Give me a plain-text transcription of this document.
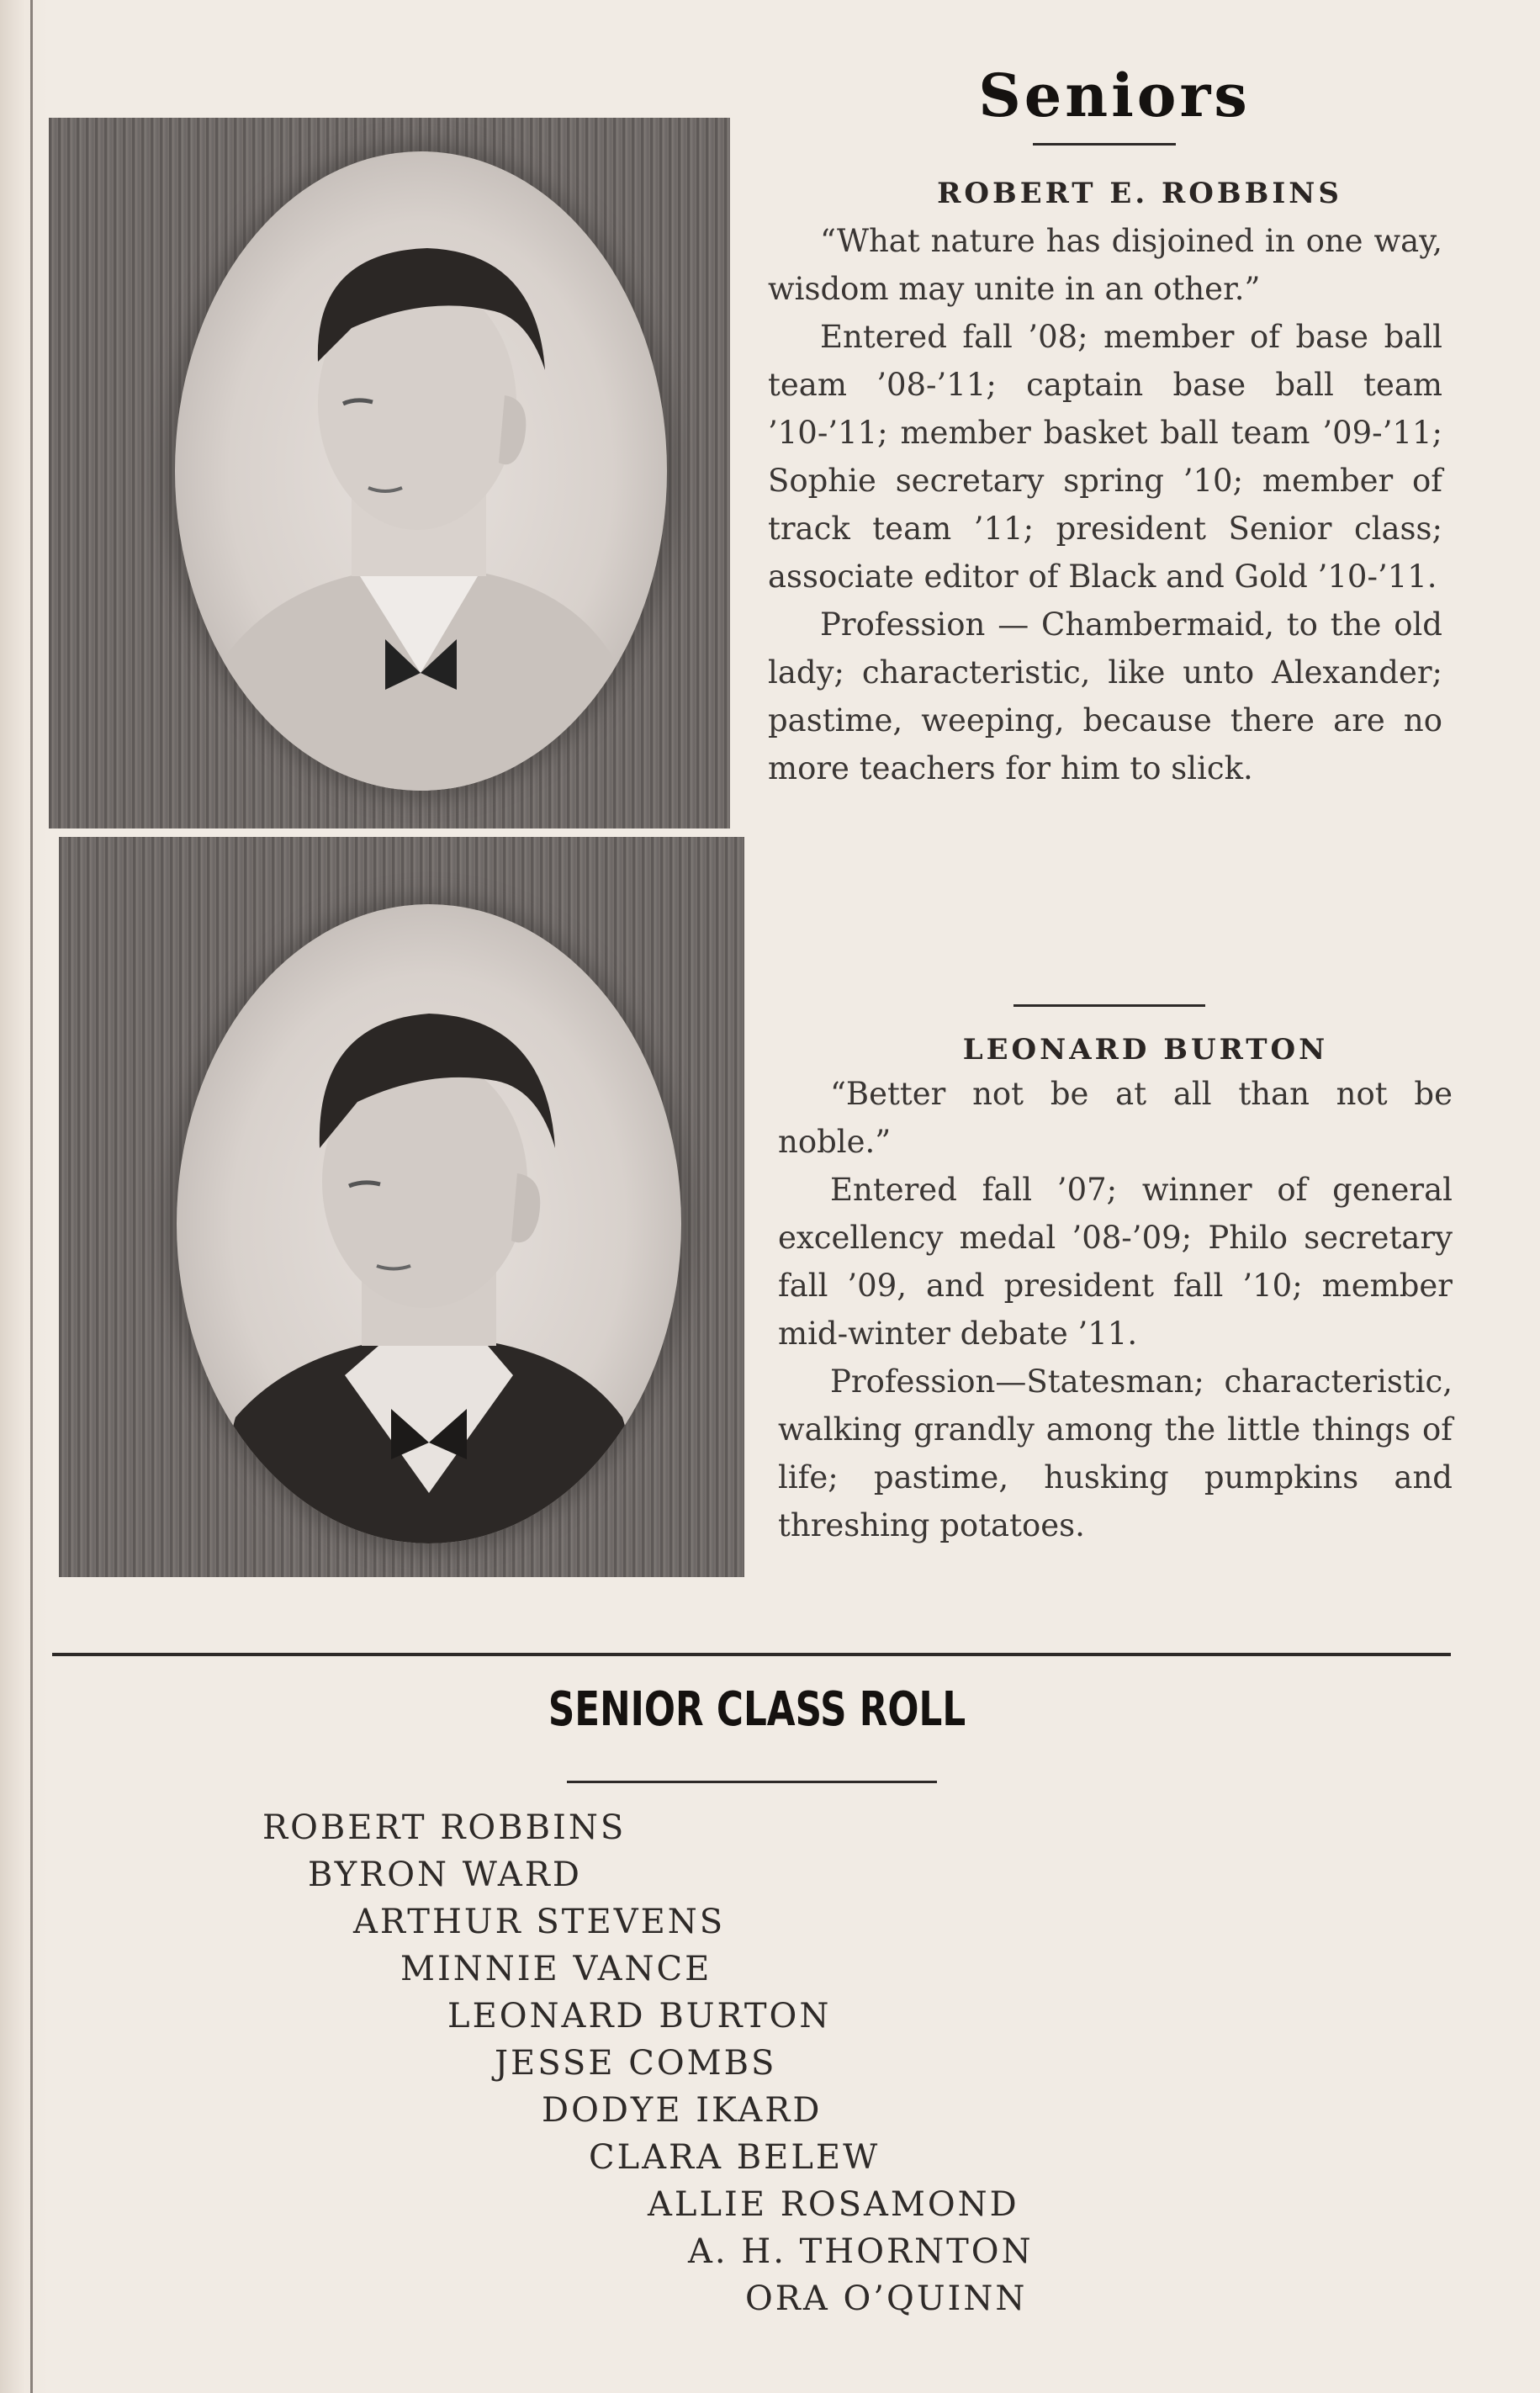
Seniors
ROBERT E. ROBBINS

“What nature has disjoined in one way, wisdom may unite in an other.”

Entered fall ’08; member of base ball team ’08-’11; captain base ball team ’10-’11; member basket ball team ’09-’11; Sophie secretary spring ’10; member of track team ’11; president Senior class; associate editor of Black and Gold ’10-’11.

Profession — Chambermaid, to the old lady; characteristic, like unto Alexander; pastime, weeping, because there are no more teachers for him to slick.

LEONARD BURTON

“Better not be at all than not be noble.”

Entered fall ’07; winner of general excellency medal ’08-’09; Philo secretary fall ’09, and president fall ’10; member mid-winter debate ’11.

Profession—Statesman; characteristic, walking grandly among the little things of life; pastime, husking pumpkins and threshing potatoes.

SENIOR CLASS ROLL
ROBERT ROBBINS
BYRON WARD
ARTHUR STEVENS
MINNIE VANCE
LEONARD BURTON
JESSE COMBS
DODYE IKARD
CLARA BELEW
ALLIE ROSAMOND
A. H. THORNTON
ORA O’QUINN
